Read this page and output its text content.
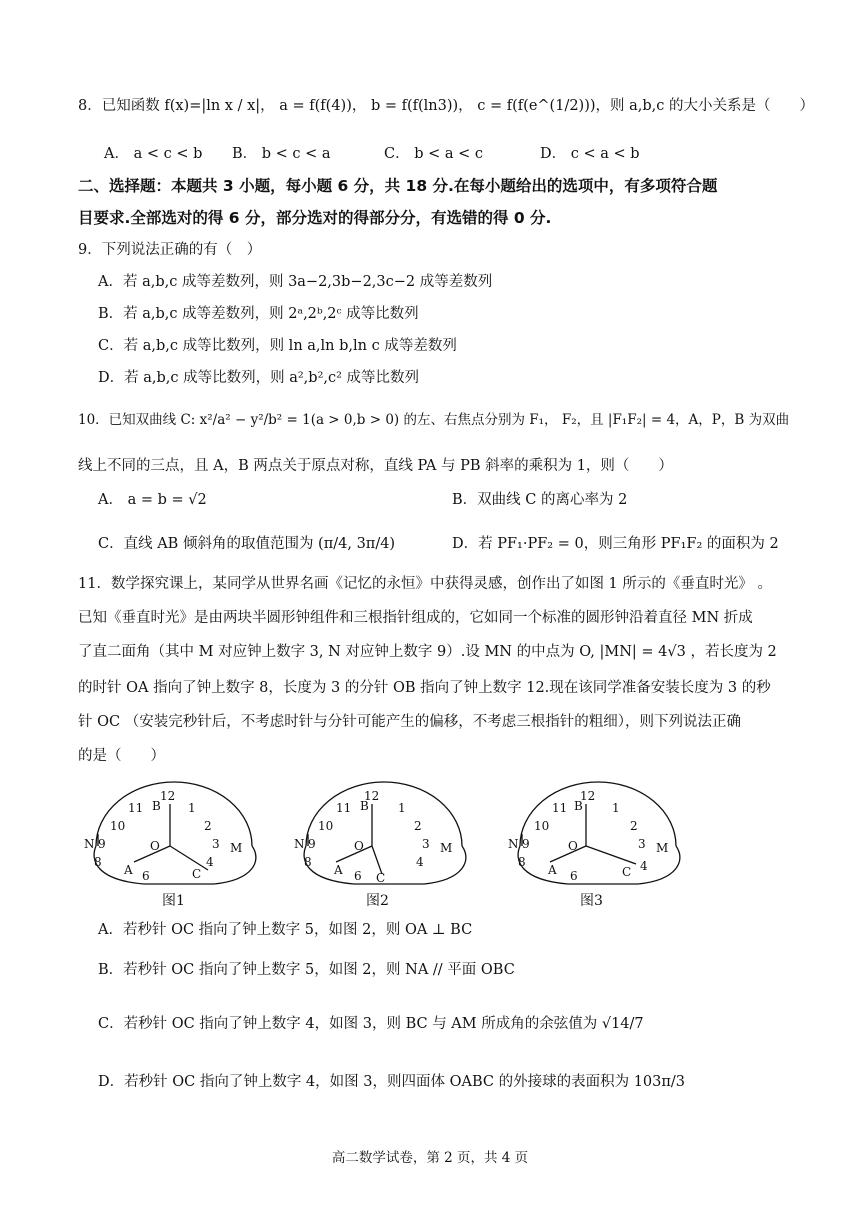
8．已知函数 f(x)=|ln x / x|， a = f(f(4))， b = f(f(ln3))， c = f(f(e^(1/2)))，则 a,b,c 的大小关系是（　　）
A． a < c < b B． b < c < a	C． b < a < c	D． c < a < b
二、选择题：本题共 3 小题，每小题 6 分，共 18 分.在每小题给出的选项中，有多项符合题
目要求.全部选对的得 6 分，部分选对的得部分分，有选错的得 0 分.
9．下列说法正确的有（　）
A．若 a,b,c 成等差数列，则 3a−2,3b−2,3c−2 成等差数列
B．若 a,b,c 成等差数列，则 2ᵃ,2ᵇ,2ᶜ 成等比数列
C．若 a,b,c 成等比数列，则 ln a,ln b,ln c 成等差数列
D．若 a,b,c 成等比数列，则 a²,b²,c² 成等比数列
10．已知双曲线 C: x²/a² − y²/b² = 1(a > 0,b > 0) 的左、右焦点分别为 F₁， F₂，且 |F₁F₂| = 4，A，P，B 为双曲
线上不同的三点，且 A，B 两点关于原点对称，直线 PA 与 PB 斜率的乘积为 1，则（　　）
A． a = b = √2	B．双曲线 C 的离心率为 2
C．直线 AB 倾斜角的取值范围为 (π/4, 3π/4)	D．若 PF₁·PF₂ = 0，则三角形 PF₁F₂ 的面积为 2
11．数学探究课上，某同学从世界名画《记忆的永恒》中获得灵感，创作出了如图 1 所示的《垂直时光》 。
已知《垂直时光》是由两块半圆形钟组件和三根指针组成的，它如同一个标准的圆形钟沿着直径 MN 折成
了直二面角（其中 M 对应钟上数字 3, N 对应钟上数字 9）.设 MN 的中点为 O, |MN| = 4√3 ，若长度为 2
的时针 OA 指向了钟上数字 8，长度为 3 的分针 OB 指向了钟上数字 12.现在该同学准备安装长度为 3 的秒
针 OC （安装完秒针后，不考虑时针与分针可能产生的偏移，不考虑三根指针的粗细），则下列说法正确
的是（　　）
12
11	1
10	2
9	3
N	M
O
A
B
C
8	4
6
图1
12
11	1
10	2
9	3
N	M
O
A
B
C
8	4
6
图2
12
11	1
10	2
9	3
N	M
O
A
B
C
8	4
6
图3
A．若秒针 OC 指向了钟上数字 5，如图 2，则 OA ⊥ BC
B．若秒针 OC 指向了钟上数字 5，如图 2，则 NA // 平面 OBC
C．若秒针 OC 指向了钟上数字 4，如图 3，则 BC 与 AM 所成角的余弦值为 √14/7
D．若秒针 OC 指向了钟上数字 4，如图 3，则四面体 OABC 的外接球的表面积为 103π/3
高二数学试卷，第 2 页，共 4 页
